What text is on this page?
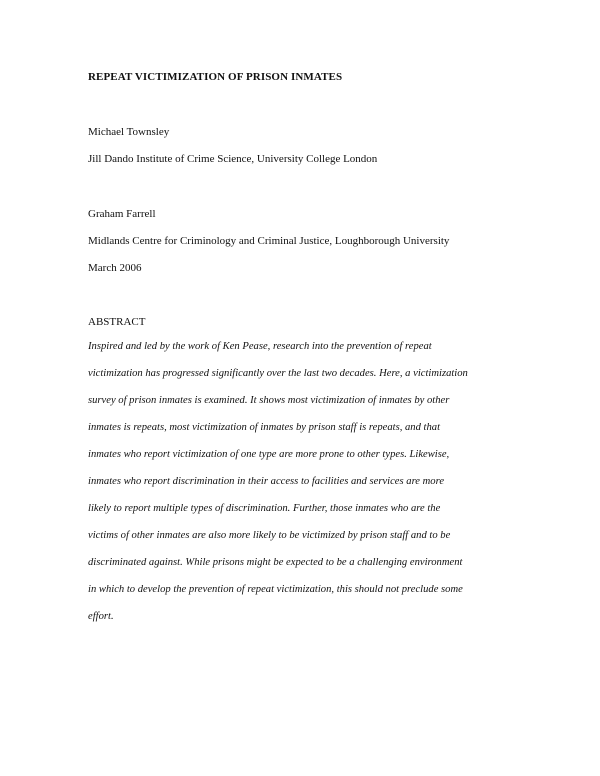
REPEAT VICTIMIZATION OF PRISON INMATES
Michael Townsley
Jill Dando Institute of Crime Science, University College London
Graham Farrell
Midlands Centre for Criminology and Criminal Justice, Loughborough University
March 2006
ABSTRACT
Inspired and led by the work of Ken Pease, research into the prevention of repeat
victimization has progressed significantly over the last two decades. Here, a victimization
survey of prison inmates is examined. It shows most victimization of inmates by other
inmates is repeats, most victimization of inmates by prison staff is repeats, and that
inmates who report victimization of one type are more prone to other types. Likewise,
inmates who report discrimination in their access to facilities and services are more
likely to report multiple types of discrimination. Further, those inmates who are the
victims of other inmates are also more likely to be victimized by prison staff and to be
discriminated against. While prisons might be expected to be a challenging environment
in which to develop the prevention of repeat victimization, this should not preclude some
effort.
